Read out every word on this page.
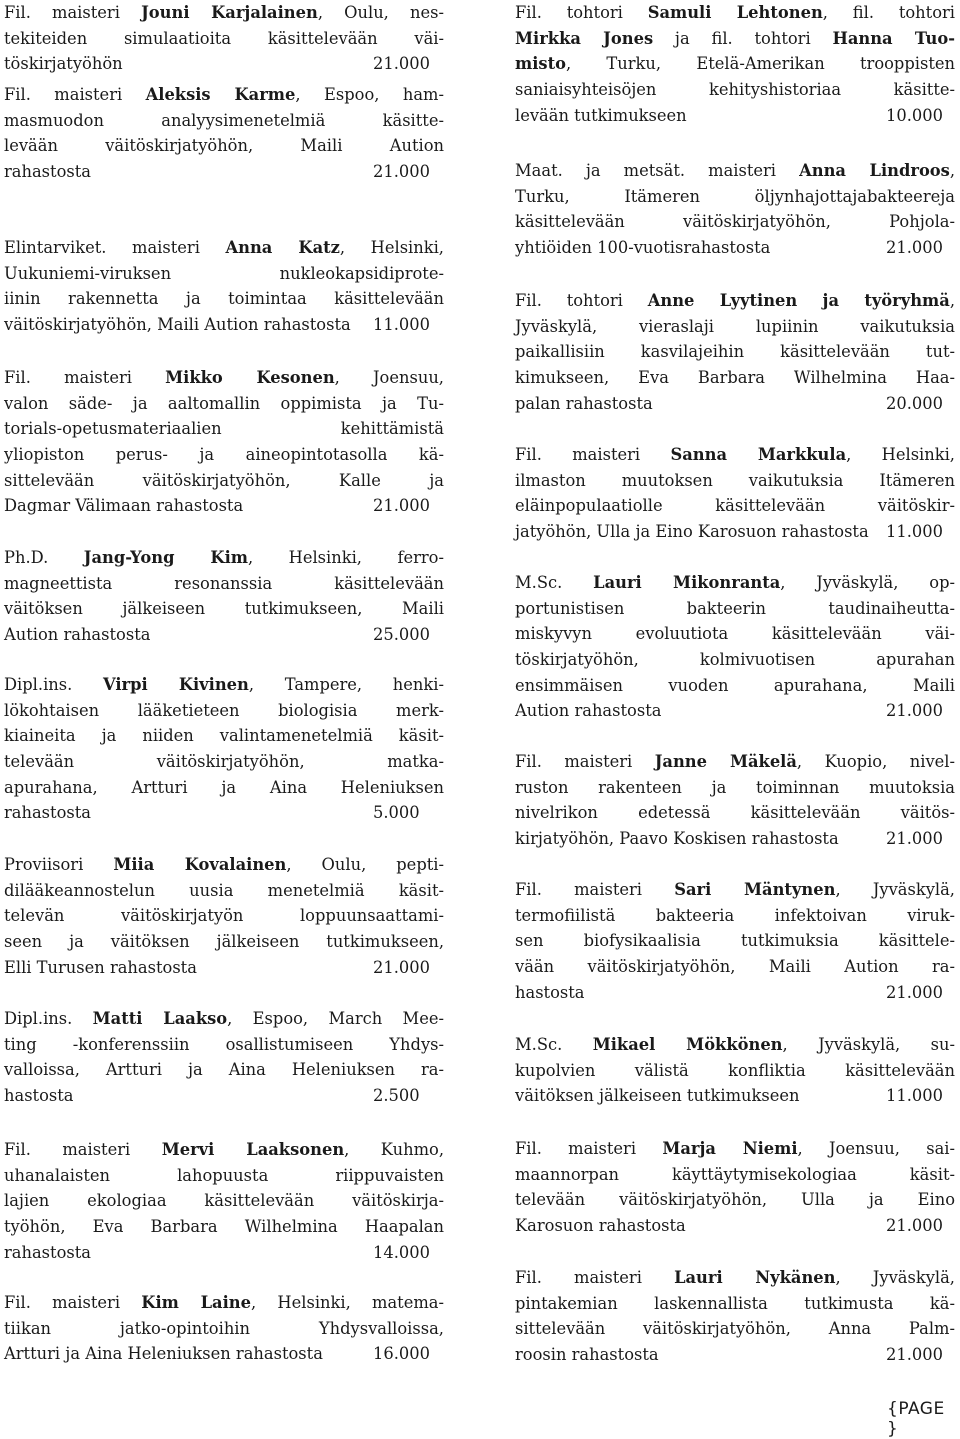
Fil. maisteri Jouni Karjalainen, Oulu, nes-
tekiteiden simulaatioita käsittelevään väi-
töskirjatyöhön	21.000
Fil. maisteri Aleksis Karme, Espoo, ham-
masmuodon analyysimenetelmiä käsitte-
levään väitöskirjatyöhön, Maili Aution
rahastosta	21.000
Elintarviket. maisteri Anna Katz, Helsinki,
Uukuniemi-viruksen nukleokapsidiprote-
iinin rakennetta ja toimintaa käsittelevään
väitöskirjatyöhön, Maili Aution rahastosta 11.000
Fil. maisteri Mikko Kesonen, Joensuu,
valon säde- ja aaltomallin oppimista ja Tu-
torials-opetusmateriaalien kehittämistä
yliopiston perus- ja aineopintotasolla kä-
sittelevään väitöskirjatyöhön, Kalle ja
Dagmar Välimaan rahastosta	21.000
Ph.D. Jang-Yong Kim, Helsinki, ferro-
magneettista resonanssia käsittelevään
väitöksen jälkeiseen tutkimukseen, Maili
Aution rahastosta	25.000
Dipl.ins. Virpi Kivinen, Tampere, henki-
lökohtaisen lääketieteen biologisia merk-
kiaineita ja niiden valintamenetelmiä käsit-
televään väitöskirjatyöhön, matka-
apurahana, Artturi ja Aina Heleniuksen
rahastosta	5.000
Proviisori Miia Kovalainen, Oulu, pepti-
dilääkeannostelun uusia menetelmiä käsit-
televän väitöskirjatyön loppuunsaattami-
seen ja väitöksen jälkeiseen tutkimukseen,
Elli Turusen rahastosta	21.000
Dipl.ins. Matti Laakso, Espoo, March Mee-
ting -konferenssiin osallistumiseen Yhdys-
valloissa, Artturi ja Aina Heleniuksen ra-
hastosta	2.500
Fil. maisteri Mervi Laaksonen, Kuhmo,
uhanalaisten lahopuusta riippuvaisten
lajien ekologiaa käsittelevään väitöskirja-
työhön, Eva Barbara Wilhelmina Haapalan
rahastosta	14.000
Fil. maisteri Kim Laine, Helsinki, matema-
tiikan jatko-opintoihin Yhdysvalloissa,
Artturi ja Aina Heleniuksen rahastosta	16.000
Fil. tohtori Samuli Lehtonen, fil. tohtori
Mirkka Jones ja fil. tohtori Hanna Tuo-
misto, Turku, Etelä-Amerikan trooppisten
saniaisyhteisöjen kehityshistoriaa käsitte-
levään tutkimukseen	10.000
Maat. ja metsät. maisteri Anna Lindroos,
Turku, Itämeren öljynhajottajabakteereja
käsittelevään väitöskirjatyöhön, Pohjola-
yhtiöiden 100-vuotisrahastosta	21.000
Fil. tohtori Anne Lyytinen ja työryhmä,
Jyväskylä, vieraslaji lupiinin vaikutuksia
paikallisiin kasvilajeihin käsittelevään tut-
kimukseen, Eva Barbara Wilhelmina Haa-
palan rahastosta	20.000
Fil. maisteri Sanna Markkula, Helsinki,
ilmaston muutoksen vaikutuksia Itämeren
eläinpopulaatiolle käsittelevään väitöskir-
jatyöhön, Ulla ja Eino Karosuon rahastosta 11.000
M.Sc. Lauri Mikonranta, Jyväskylä, op-
portunistisen bakteerin taudinaiheutta-
miskyvyn evoluutiota käsittelevään väi-
töskirjatyöhön, kolmivuotisen apurahan
ensimmäisen vuoden apurahana, Maili
Aution rahastosta	21.000
Fil. maisteri Janne Mäkelä, Kuopio, nivel-
ruston rakenteen ja toiminnan muutoksia
nivelrikon edetessä käsittelevään väitös-
kirjatyöhön, Paavo Koskisen rahastosta	21.000
Fil. maisteri Sari Mäntynen, Jyväskylä,
termofiilistä bakteeria infektoivan viruk-
sen biofysikaalisia tutkimuksia käsittele-
vään väitöskirjatyöhön, Maili Aution ra-
hastosta	21.000
M.Sc. Mikael Mökkönen, Jyväskylä, su-
kupolvien välistä konfliktia käsittelevään
väitöksen jälkeiseen tutkimukseen	11.000
Fil. maisteri Marja Niemi, Joensuu, sai-
maannorpan käyttäytymisekologiaa käsit-
televään väitöskirjatyöhön, Ulla ja Eino
Karosuon rahastosta	21.000
Fil. maisteri Lauri Nykänen, Jyväskylä,
pintakemian laskennallista tutkimusta kä-
sittelevään väitöskirjatyöhön, Anna Palm-
roosin rahastosta	21.000
{PAGE }
